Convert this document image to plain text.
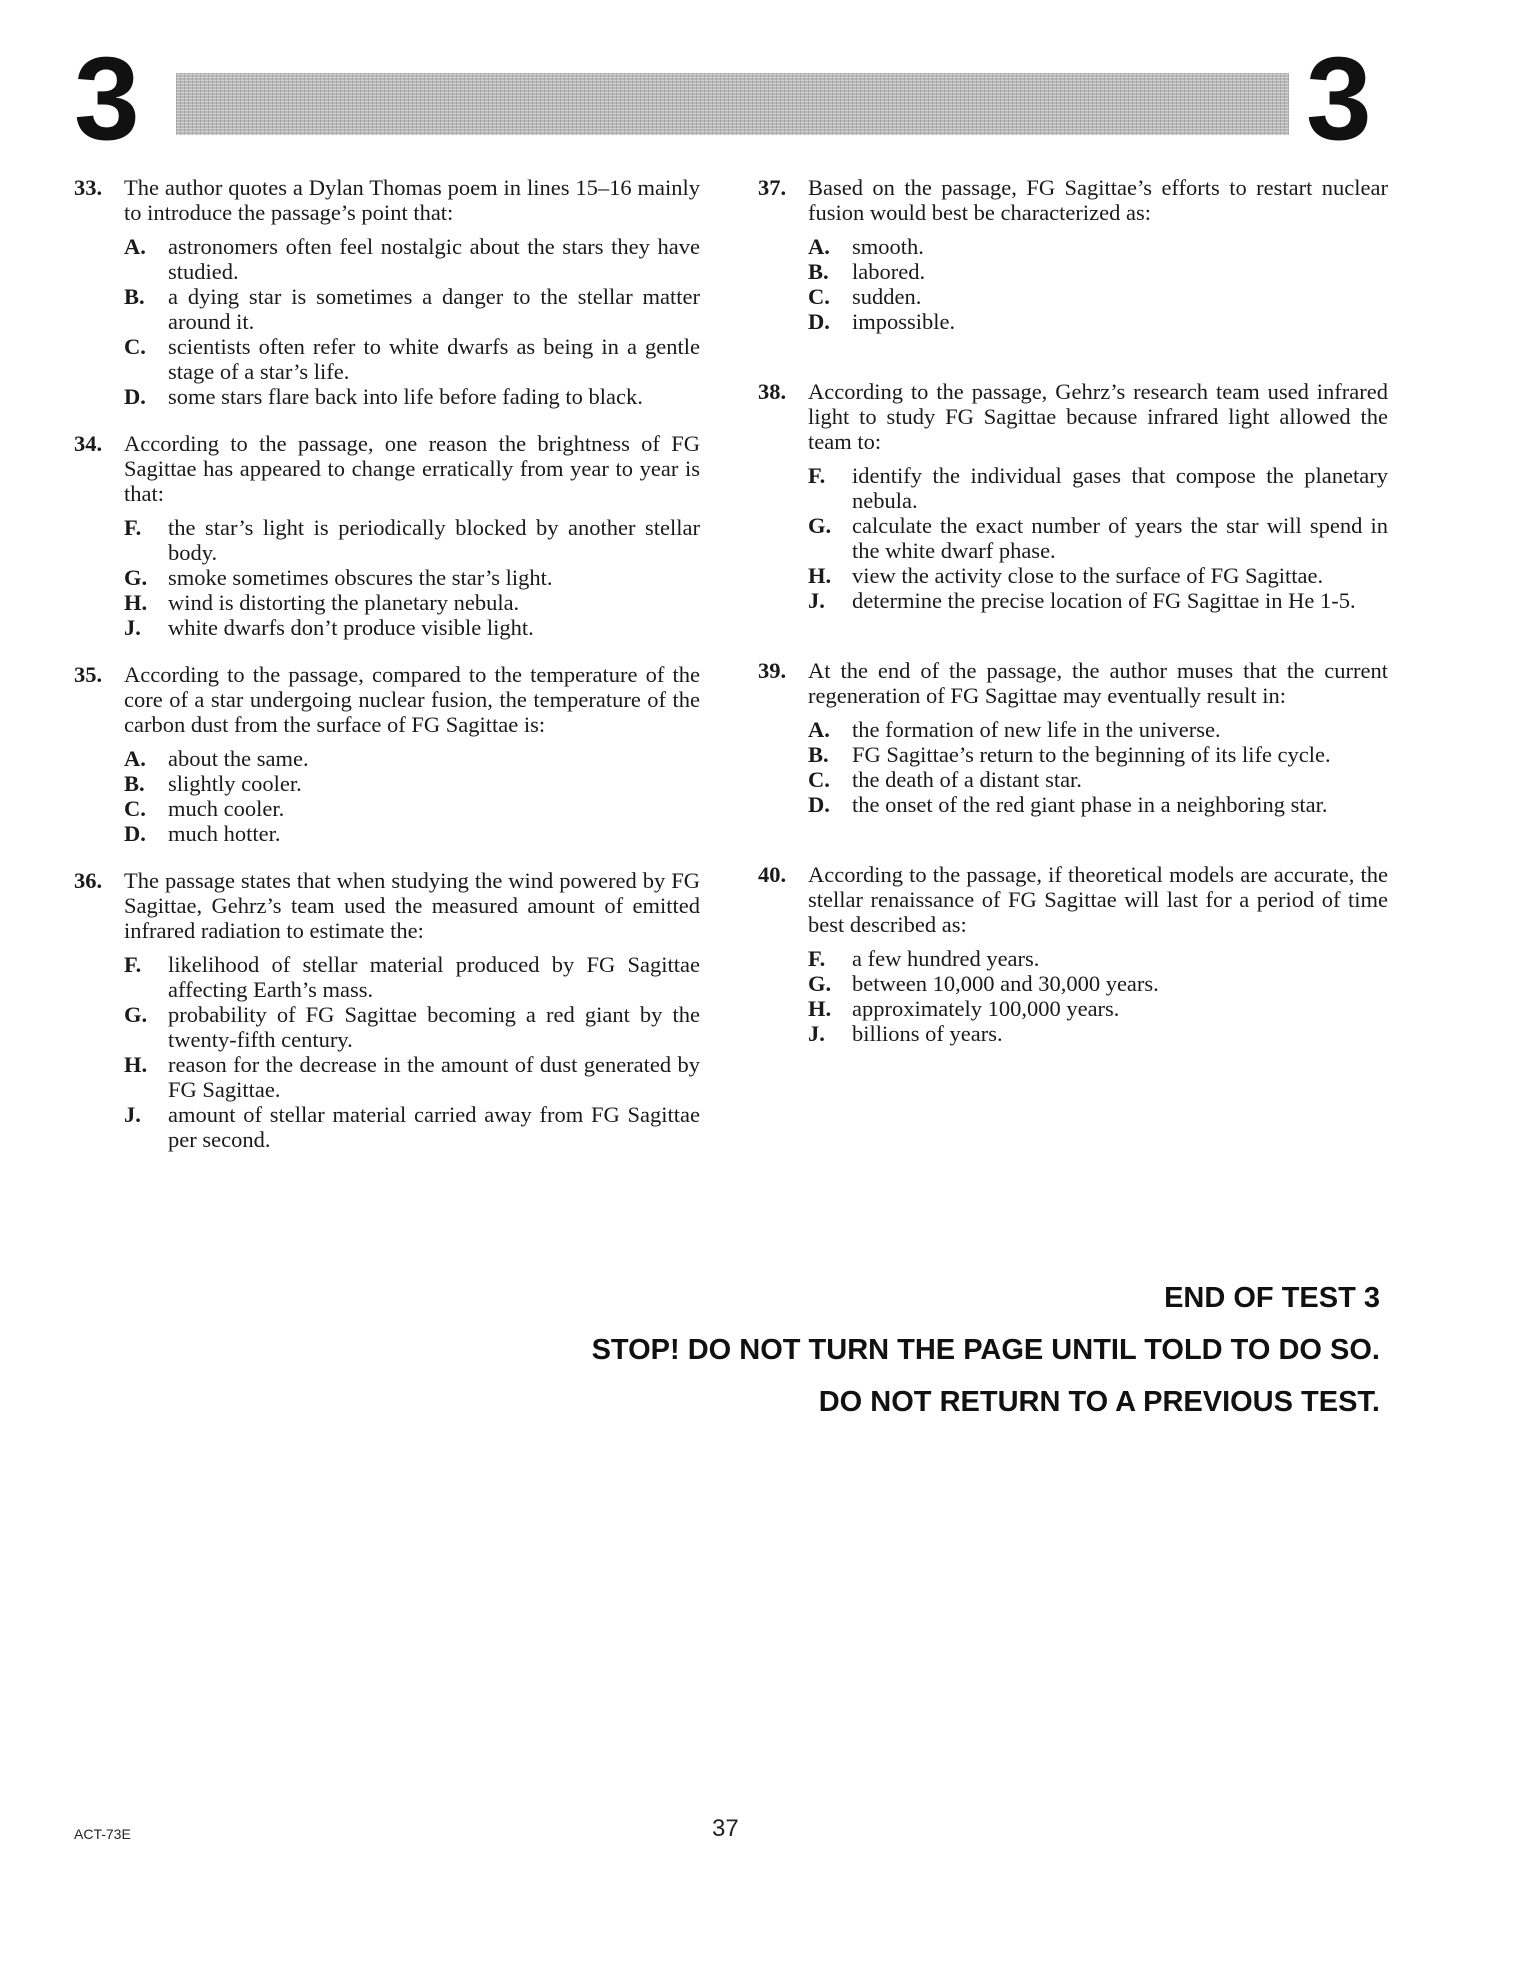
3	3
33. The author quotes a Dylan Thomas poem in lines 15–16 mainly to introduce the passage’s point that:
A. astronomers often feel nostalgic about the stars they have studied.
B.	a dying star is sometimes a danger to the stellar matter around it.
C. scientists often refer to white dwarfs as being in a gentle stage of a star’s life.
D. some stars flare back into life before fading to black.
34. According to the passage, one reason the brightness of FG Sagittae has appeared to change erratically from year to year is that:
F.	the star’s light is periodically blocked by another stellar body.
G. smoke sometimes obscures the star’s light.
H. wind is distorting the planetary nebula.
J.	white dwarfs don’t produce visible light.
35. According to the passage, compared to the temperature of the core of a star undergoing nuclear fusion, the temperature of the carbon dust from the surface of FG Sagittae is:
A. about the same.
B.	slightly cooler.
C. much cooler.
D. much hotter.
36. The passage states that when studying the wind powered by FG Sagittae, Gehrz’s team used the measured amount of emitted infrared radiation to estimate the:
F.	likelihood of stellar material produced by FG Sagittae affecting Earth’s mass.
G. probability of FG Sagittae becoming a red giant by the twenty-fifth century.
H. reason for the decrease in the amount of dust generated by FG Sagittae.
J.	amount of stellar material carried away from FG Sagittae per second.
37. Based on the passage, FG Sagittae’s efforts to restart nuclear fusion would best be characterized as:
A. smooth.
B.	labored.
C. sudden.
D. impossible.
38. According to the passage, Gehrz’s research team used infrared light to study FG Sagittae because infrared light allowed the team to:
F.	identify the individual gases that compose the planetary nebula.
G. calculate the exact number of years the star will spend in the white dwarf phase.
H. view the activity close to the surface of FG Sagittae.
J.	determine the precise location of FG Sagittae in He 1-5.
39. At the end of the passage, the author muses that the current regeneration of FG Sagittae may eventually result in:
A. the formation of new life in the universe.
B.	FG Sagittae’s return to the beginning of its life cycle.
C. the death of a distant star.
D. the onset of the red giant phase in a neighboring star.
40. According to the passage, if theoretical models are accurate, the stellar renaissance of FG Sagittae will last for a period of time best described as:
F.	a few hundred years.
G. between 10,000 and 30,000 years.
H. approximately 100,000 years.
J.	billions of years.
END OF TEST 3
STOP! DO NOT TURN THE PAGE UNTIL TOLD TO DO SO.
DO NOT RETURN TO A PREVIOUS TEST.
ACT-73E	37
